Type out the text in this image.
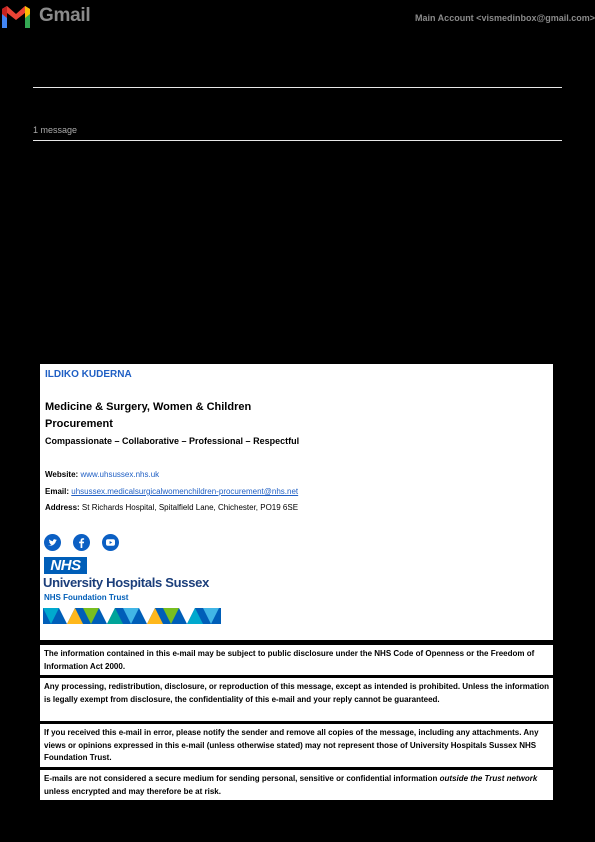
Gmail	Main Account <vismedinbox@gmail.com>
1 message
ILDIKO KUDERNA
Medicine & Surgery, Women & Children
Procurement
Compassionate – Collaborative – Professional – Respectful
Website: www.uhsussex.nhs.uk
Email: uhsussex.medicalsurgicalwomenchildren-procurement@nhs.net
Address: St Richards Hospital, Spitalfield Lane, Chichester, PO19 6SE
NHS
University Hospitals Sussex
NHS Foundation Trust
The information contained in this e-mail may be subject to public disclosure under the NHS Code of Openness or the Freedom of Information Act 2000.
Any processing, redistribution, disclosure, or reproduction of this message, except as intended is prohibited. Unless the information is legally exempt from disclosure, the confidentiality of this e-mail and your reply cannot be guaranteed.
If you received this e-mail in error, please notify the sender and remove all copies of the message, including any attachments. Any views or opinions expressed in this e-mail (unless otherwise stated) may not represent those of University Hospitals Sussex NHS Foundation Trust.
E-mails are not considered a secure medium for sending personal, sensitive or confidential information outside the Trust network unless encrypted and may therefore be at risk.
